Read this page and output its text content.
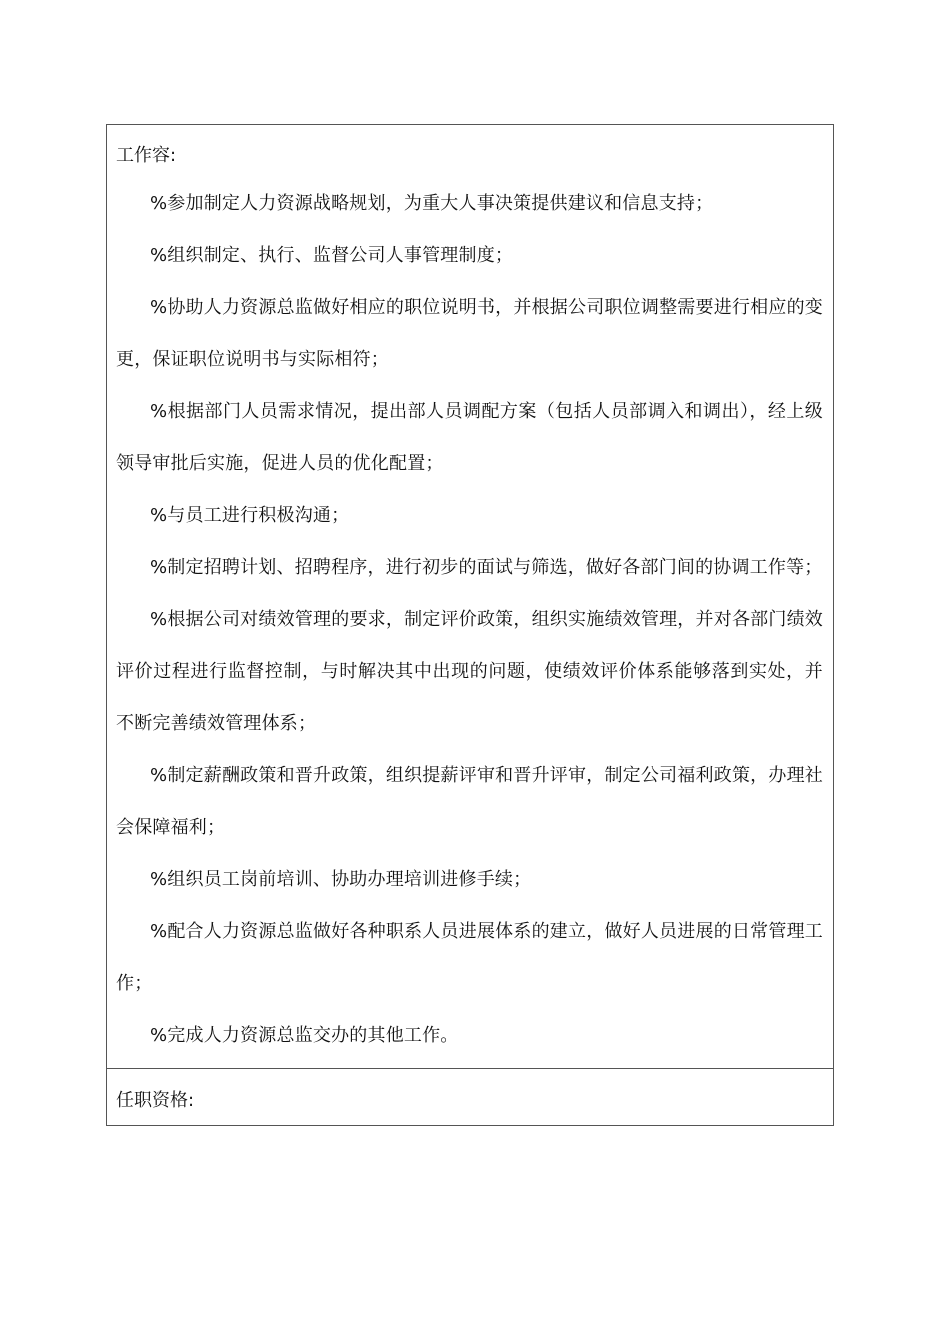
工作容:

%参加制定人力资源战略规划，为重大人事决策提供建议和信息支持；

%组织制定、执行、监督公司人事管理制度；

%协助人力资源总监做好相应的职位说明书，并根据公司职位调整需要进行相应的变更，保证职位说明书与实际相符；

%根据部门人员需求情况，提出部人员调配方案（包括人员部调入和调出），经上级领导审批后实施，促进人员的优化配置；

%与员工进行积极沟通；

%制定招聘计划、招聘程序，进行初步的面试与筛选，做好各部门间的协调工作等；

%根据公司对绩效管理的要求，制定评价政策，组织实施绩效管理，并对各部门绩效评价过程进行监督控制，与时解决其中出现的问题，使绩效评价体系能够落到实处，并不断完善绩效管理体系；

%制定薪酬政策和晋升政策，组织提薪评审和晋升评审，制定公司福利政策，办理社会保障福利；

%组织员工岗前培训、协助办理培训进修手续；

%配合人力资源总监做好各种职系人员进展体系的建立，做好人员进展的日常管理工作；

%完成人力资源总监交办的其他工作。

任职资格:
